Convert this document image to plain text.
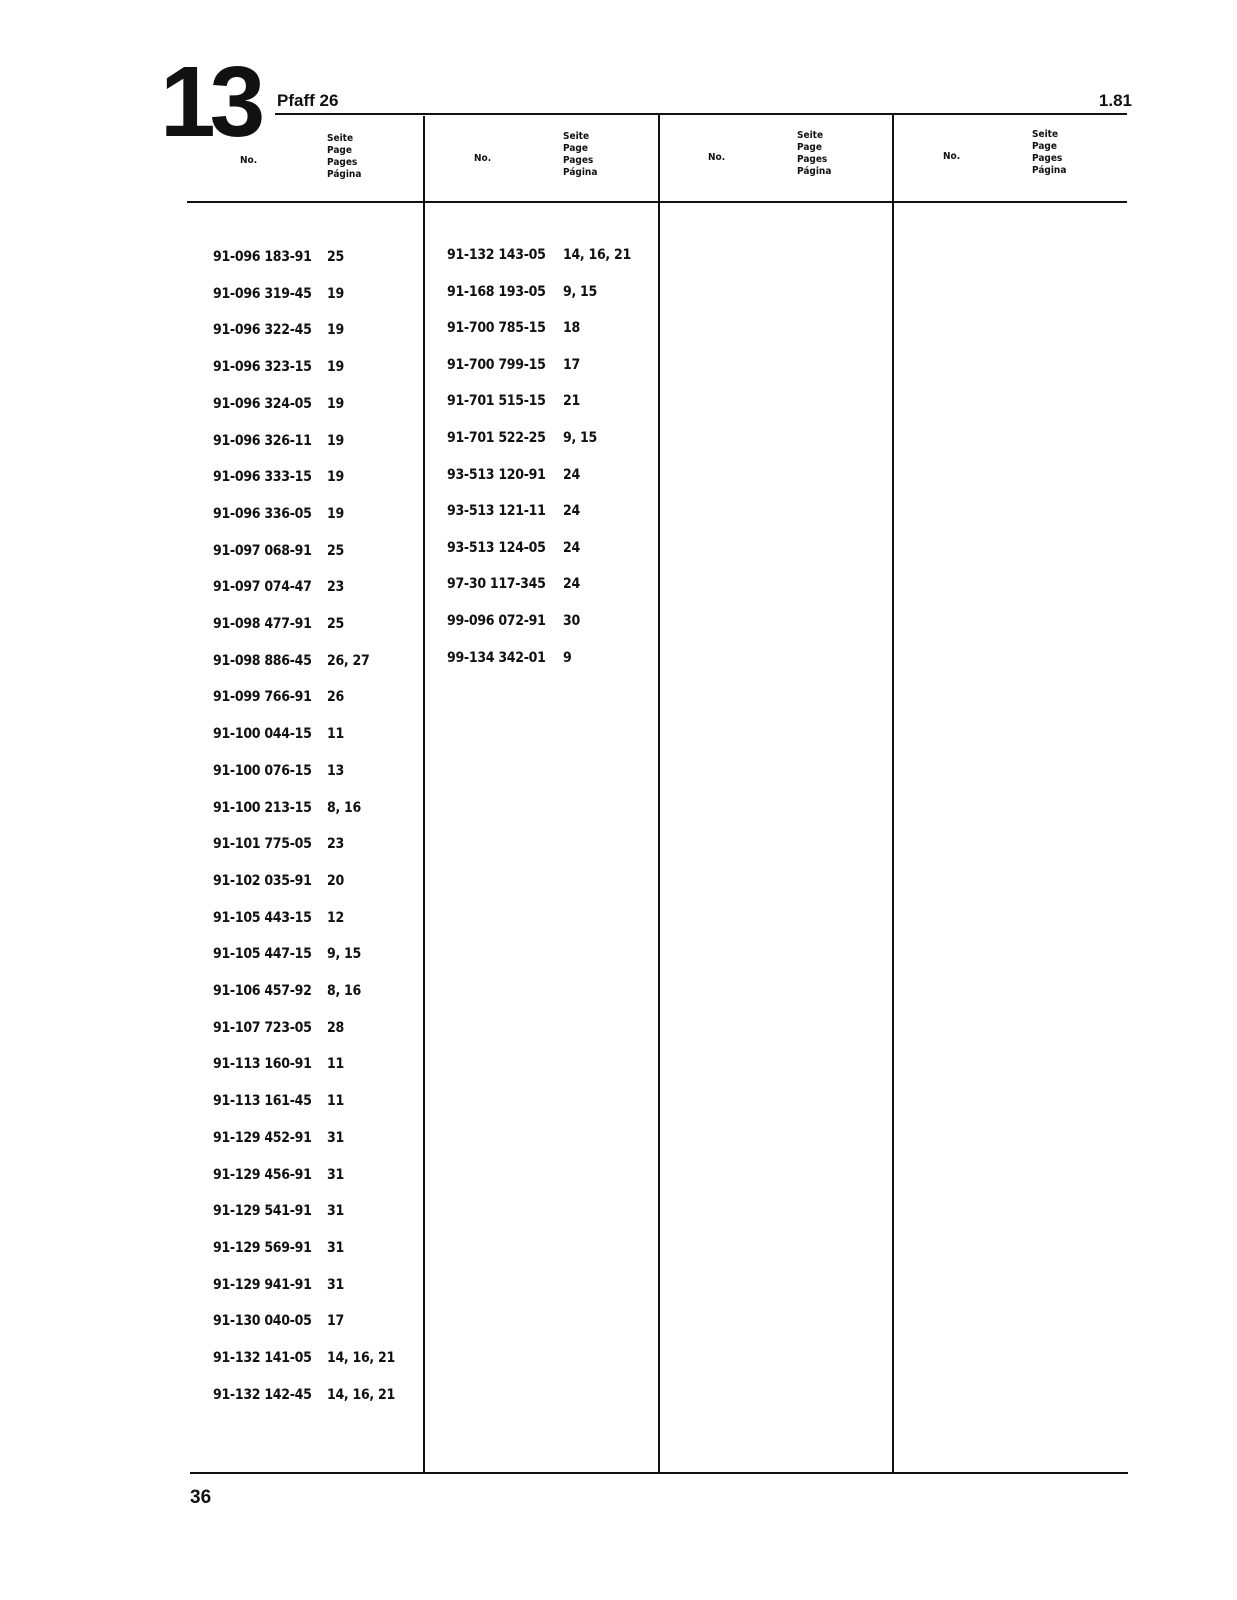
13 Pfaff 26	1.81
No.
Seite
Page
Pages
Página
No.
Seite
Page
Pages
Página
No.
Seite
Page
Pages
Página
No.
Seite
Page
Pages
Página
91-096 183-91 25
91-096 319-45 19
91-096 322-45 19
91-096 323-15 19
91-096 324-05 19
91-096 326-11 19
91-096 333-15 19
91-096 336-05 19
91-097 068-91 25
91-097 074-47 23
91-098 477-91 25
91-098 886-45 26, 27
91-099 766-91 26
91-100 044-15 11
91-100 076-15 13
91-100 213-15 8, 16
91-101 775-05 23
91-102 035-91 20
91-105 443-15 12
91-105 447-15 9, 15
91-106 457-92 8, 16
91-107 723-05 28
91-113 160-91 11
91-113 161-45 11
91-129 452-91 31
91-129 456-91 31
91-129 541-91 31
91-129 569-91 31
91-129 941-91 31
91-130 040-05 17
91-132 141-05 14, 16, 21
91-132 142-45 14, 16, 21
91-132 143-05 14, 16, 21
91-168 193-05 9, 15
91-700 785-15 18
91-700 799-15 17
91-701 515-15 21
91-701 522-25 9, 15
93-513 120-91 24
93-513 121-11 24
93-513 124-05 24
97-30 117-345 24
99-096 072-91 30
99-134 342-01 9
36
